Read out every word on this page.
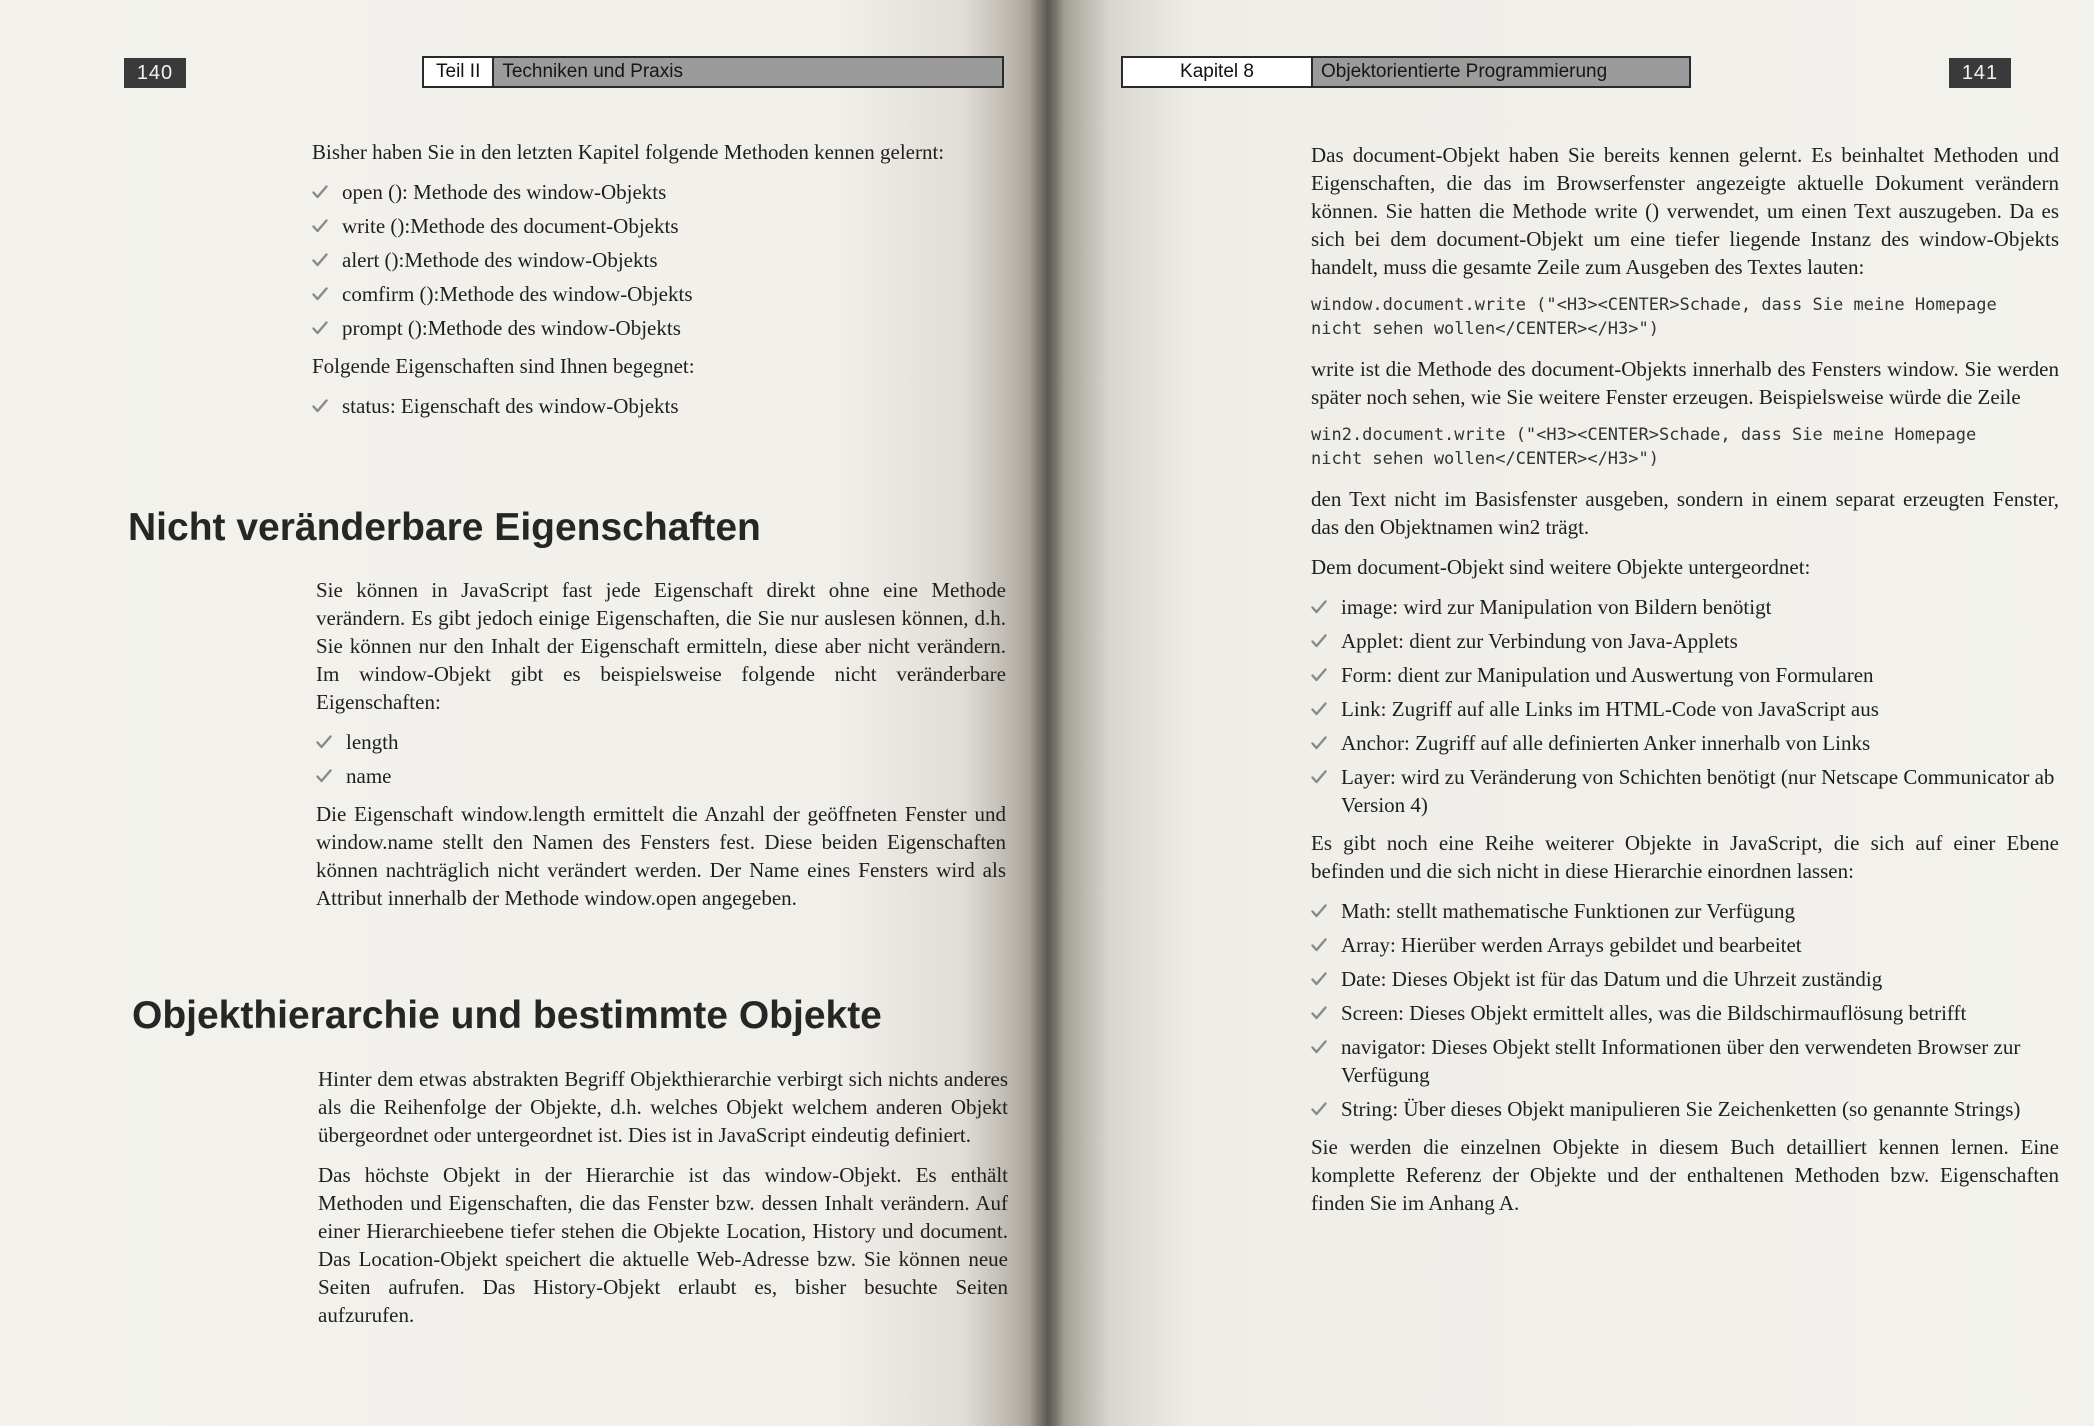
140	Teil II	Techniken und Praxis

Bisher haben Sie in den letzten Kapitel folgende Methoden kennen gelernt:

open (): Methode des window-Objekts
write ():Methode des document-Objekts
alert ():Methode des window-Objekts
comfirm ():Methode des window-Objekts
prompt ():Methode des window-Objekts

Folgende Eigenschaften sind Ihnen begegnet:

status: Eigenschaft des window-Objekts
Nicht veränderbare Eigenschaften

Sie können in JavaScript fast jede Eigenschaft direkt ohne eine Methode verändern. Es gibt jedoch einige Eigenschaften, die Sie nur auslesen können, d.h. Sie können nur den Inhalt der Eigenschaft ermitteln, diese aber nicht verändern. Im window-Objekt gibt es beispielsweise folgende nicht veränderbare Eigenschaften:

length
name

Die Eigenschaft window.length ermittelt die Anzahl der geöffneten Fenster und window.name stellt den Namen des Fensters fest. Diese beiden Eigenschaften können nachträglich nicht verändert werden. Der Name eines Fensters wird als Attribut innerhalb der Methode window.open angegeben.

Objekthierarchie und bestimmte Objekte

Hinter dem etwas abstrakten Begriff Objekthierarchie verbirgt sich nichts anderes als die Reihenfolge der Objekte, d.h. welches Objekt welchem anderen Objekt übergeordnet oder untergeordnet ist. Dies ist in JavaScript eindeutig definiert.

Das höchste Objekt in der Hierarchie ist das window-Objekt. Es enthält Methoden und Eigenschaften, die das Fenster bzw. dessen Inhalt verändern. Auf einer Hierarchieebene tiefer stehen die Objekte Location, History und document. Das Location-Objekt speichert die aktuelle Web-Adresse bzw. Sie können neue Seiten aufrufen. Das History-Objekt erlaubt es, bisher besuchte Seiten aufzurufen.

Kapitel 8	Objektorientierte Programmierung	141

Das document-Objekt haben Sie bereits kennen gelernt. Es beinhaltet Methoden und Eigenschaften, die das im Browserfenster angezeigte aktuelle Dokument verändern können. Sie hatten die Methode write () verwendet, um einen Text auszugeben. Da es sich bei dem document-Objekt um eine tiefer liegende Instanz des window-Objekts handelt, muss die gesamte Zeile zum Ausgeben des Textes lauten:

window.document.write ("<H3><CENTER>Schade, dass Sie meine Homepage
nicht sehen wollen</CENTER></H3>")

write ist die Methode des document-Objekts innerhalb des Fensters window. Sie werden später noch sehen, wie Sie weitere Fenster erzeugen. Beispielsweise würde die Zeile

win2.document.write ("<H3><CENTER>Schade, dass Sie meine Homepage
nicht sehen wollen</CENTER></H3>")

den Text nicht im Basisfenster ausgeben, sondern in einem separat erzeugten Fenster, das den Objektnamen win2 trägt.

Dem document-Objekt sind weitere Objekte untergeordnet:

image: wird zur Manipulation von Bildern benötigt
Applet: dient zur Verbindung von Java-Applets
Form: dient zur Manipulation und Auswertung von Formularen
Link: Zugriff auf alle Links im HTML-Code von JavaScript aus
Anchor: Zugriff auf alle definierten Anker innerhalb von Links
Layer: wird zu Veränderung von Schichten benötigt (nur Netscape Communicator ab Version 4)

Es gibt noch eine Reihe weiterer Objekte in JavaScript, die sich auf einer Ebene befinden und die sich nicht in diese Hierarchie einordnen lassen:

Math: stellt mathematische Funktionen zur Verfügung
Array: Hierüber werden Arrays gebildet und bearbeitet
Date: Dieses Objekt ist für das Datum und die Uhrzeit zuständig
Screen: Dieses Objekt ermittelt alles, was die Bildschirmauflösung betrifft
navigator: Dieses Objekt stellt Informationen über den verwendeten Browser zur Verfügung
String: Über dieses Objekt manipulieren Sie Zeichenketten (so genannte Strings)

Sie werden die einzelnen Objekte in diesem Buch detailliert kennen lernen. Eine komplette Referenz der Objekte und der enthaltenen Methoden bzw. Eigenschaften finden Sie im Anhang A.
